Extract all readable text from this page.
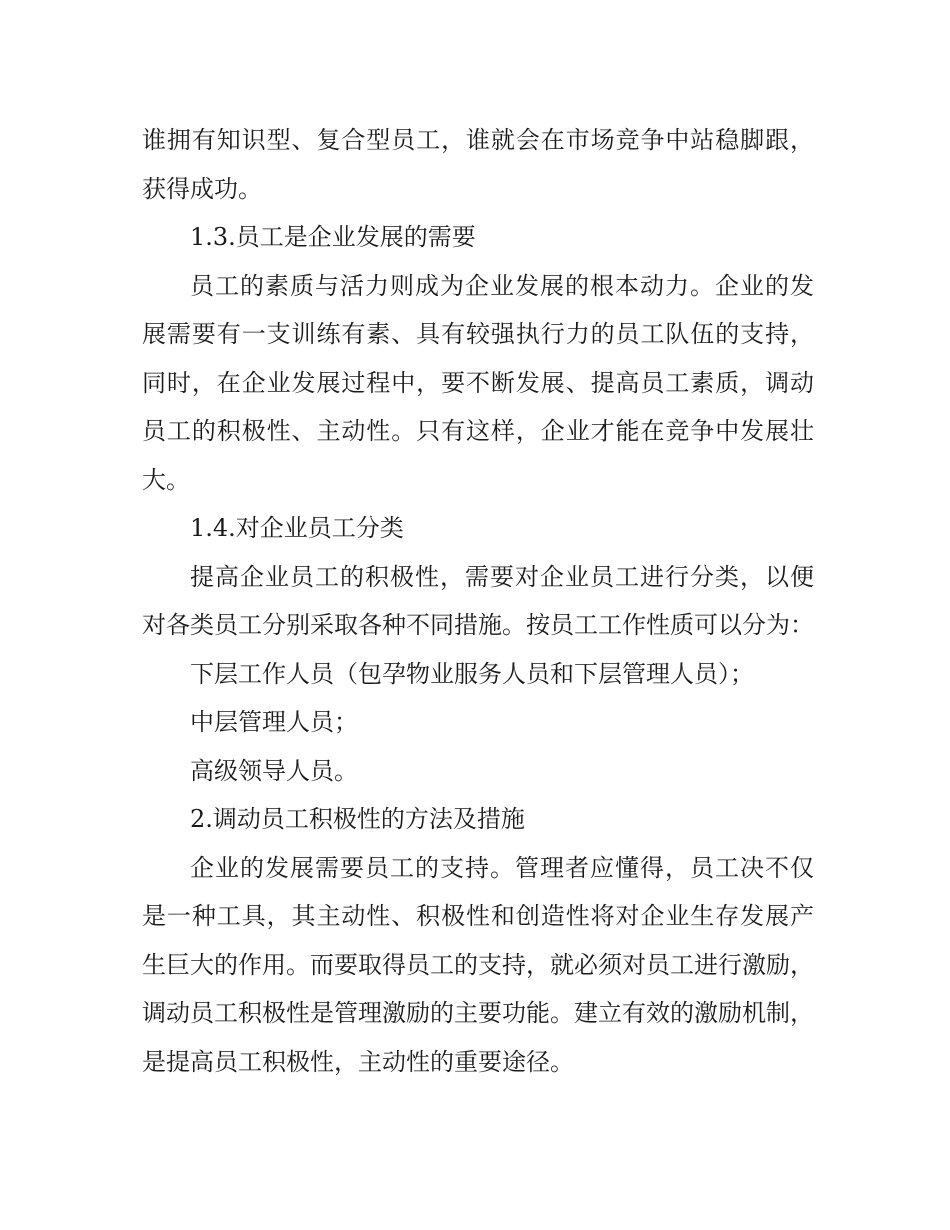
谁拥有知识型、复合型员工，谁就会在市场竞争中站稳脚跟，
获得成功。
1.3.员工是企业发展的需要
员工的素质与活力则成为企业发展的根本动力。企业的发
展需要有一支训练有素、具有较强执行力的员工队伍的支持，
同时，在企业发展过程中，要不断发展、提高员工素质，调动
员工的积极性、主动性。只有这样，企业才能在竞争中发展壮
大。
1.4.对企业员工分类
提高企业员工的积极性，需要对企业员工进行分类，以便
对各类员工分别采取各种不同措施。按员工工作性质可以分为：
下层工作人员（包孕物业服务人员和下层管理人员）；
中层管理人员；
高级领导人员。
2.调动员工积极性的方法及措施
企业的发展需要员工的支持。管理者应懂得，员工决不仅
是一种工具，其主动性、积极性和创造性将对企业生存发展产
生巨大的作用。而要取得员工的支持，就必须对员工进行激励，
调动员工积极性是管理激励的主要功能。建立有效的激励机制，
是提高员工积极性，主动性的重要途径。
